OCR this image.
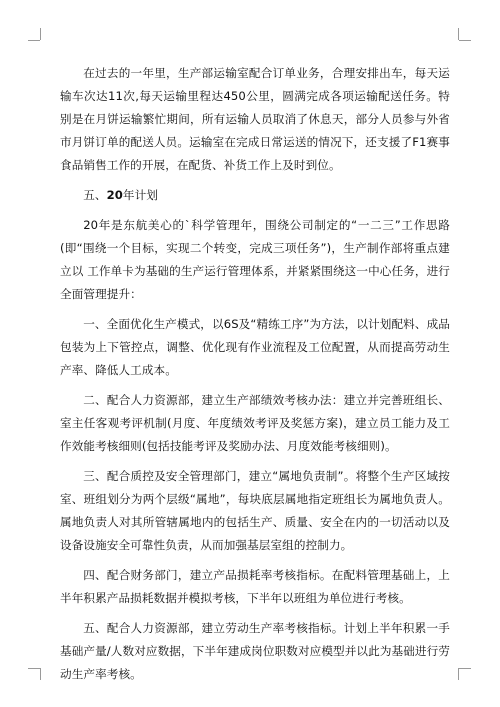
在过去的一年里，生产部运输室配合订单业务，合理安排出车，每天运输车次达11次,每天运输里程达450公里，圆满完成各项运输配送任务。特别是在月饼运输繁忙期间，所有运输人员取消了休息天，部分人员参与外省市月饼订单的配送人员。运输室在完成日常运送的情况下，还支援了F1赛事食品销售工作的开展，在配货、补货工作上及时到位。

五、20年计划

20年是东航美心的`科学管理年，围绕公司制定的“一二三”工作思路(即“围绕一个目标，实现二个转变，完成三项任务”)，生产制作部将重点建立以 工作单卡为基础的生产运行管理体系，并紧紧围绕这一中心任务，进行全面管理提升：

一、全面优化生产模式，以6S及“精练工序”为方法，以计划配料、成品包装为上下管控点，调整、优化现有作业流程及工位配置，从而提高劳动生产率、降低人工成本。

二、配合人力资源部，建立生产部绩效考核办法：建立并完善班组长、室主任客观考评机制(月度、年度绩效考评及奖惩方案)，建立员工能力及工作效能考核细则(包括技能考评及奖励办法、月度效能考核细则)。

三、配合质控及安全管理部门，建立“属地负责制”。将整个生产区域按室、班组划分为两个层级“属地”，每块底层属地指定班组长为属地负责人。属地负责人对其所管辖属地内的包括生产、质量、安全在内的一切活动以及设备设施安全可靠性负责，从而加强基层室组的控制力。

四、配合财务部门，建立产品损耗率考核指标。在配料管理基础上，上半年积累产品损耗数据并模拟考核，下半年以班组为单位进行考核。

五、配合人力资源部，建立劳动生产率考核指标。计划上半年积累一手基础产量/人数对应数据，下半年建成岗位职数对应模型并以此为基础进行劳动生产率考核。
